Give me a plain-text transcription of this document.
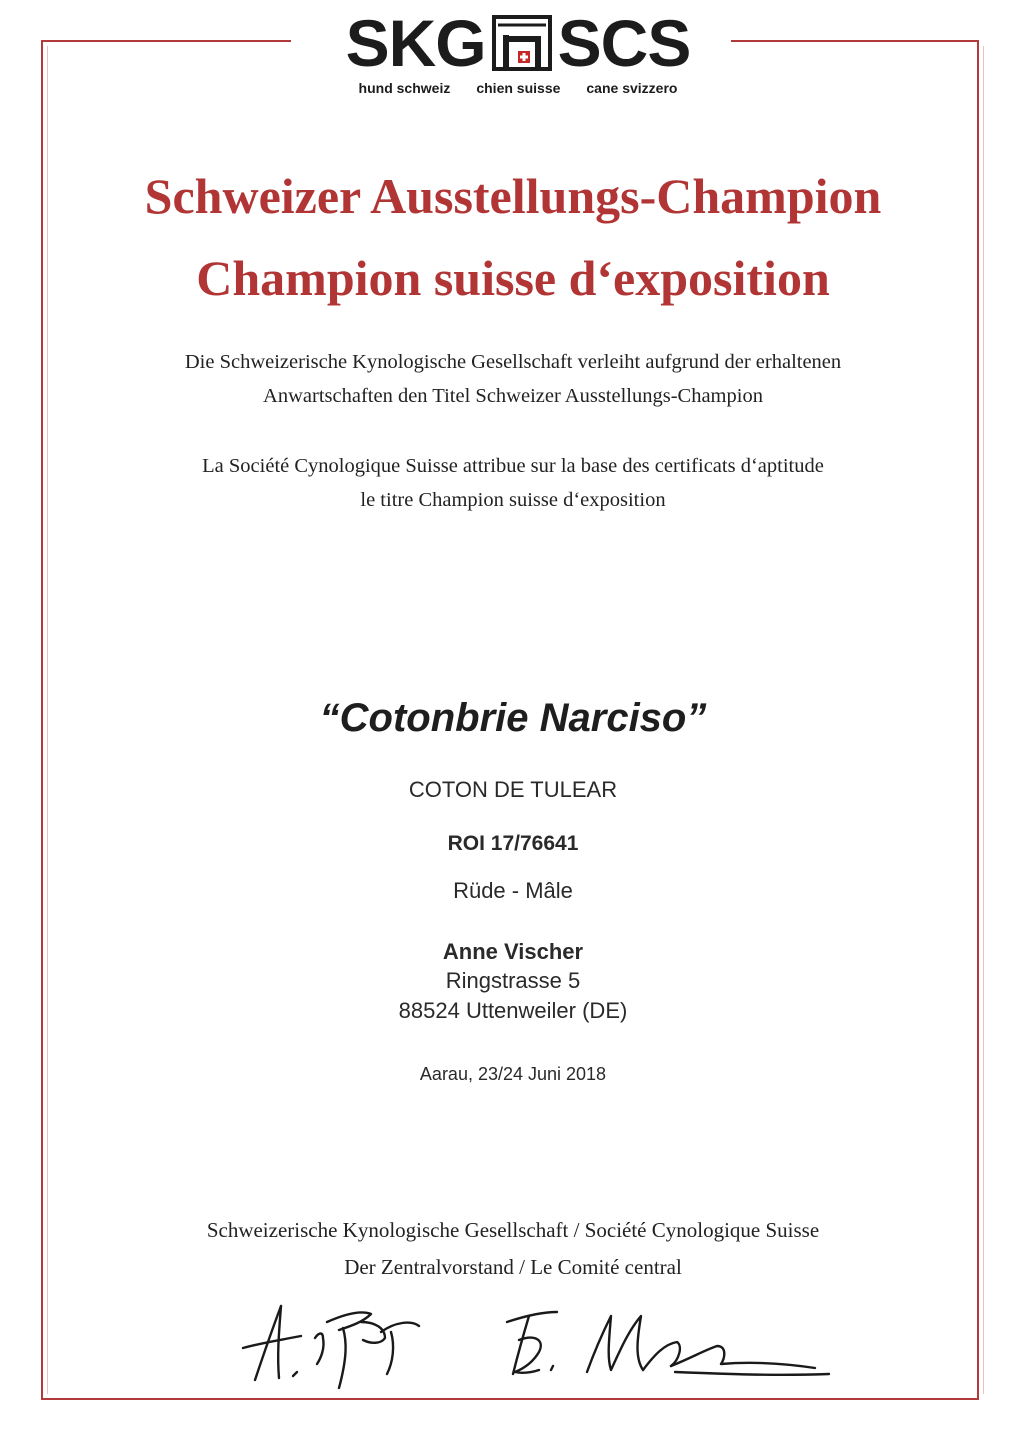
SKG SCS
hund schweiz chien suisse cane svizzero
Schweizer Ausstellungs-Champion
Champion suisse d‘exposition
Die Schweizerische Kynologische Gesellschaft verleiht aufgrund der erhaltenen
Anwartschaften den Titel Schweizer Ausstellungs-Champion
La Société Cynologique Suisse attribue sur la base des certificats d‘aptitude
le titre Champion suisse d‘exposition
“Cotonbrie Narciso”
COTON DE TULEAR
ROI 17/76641
Rüde - Mâle
Anne Vischer
Ringstrasse 5
88524 Uttenweiler (DE)
Aarau, 23/24 Juni 2018
Schweizerische Kynologische Gesellschaft / Société Cynologique Suisse
Der Zentralvorstand / Le Comité central
